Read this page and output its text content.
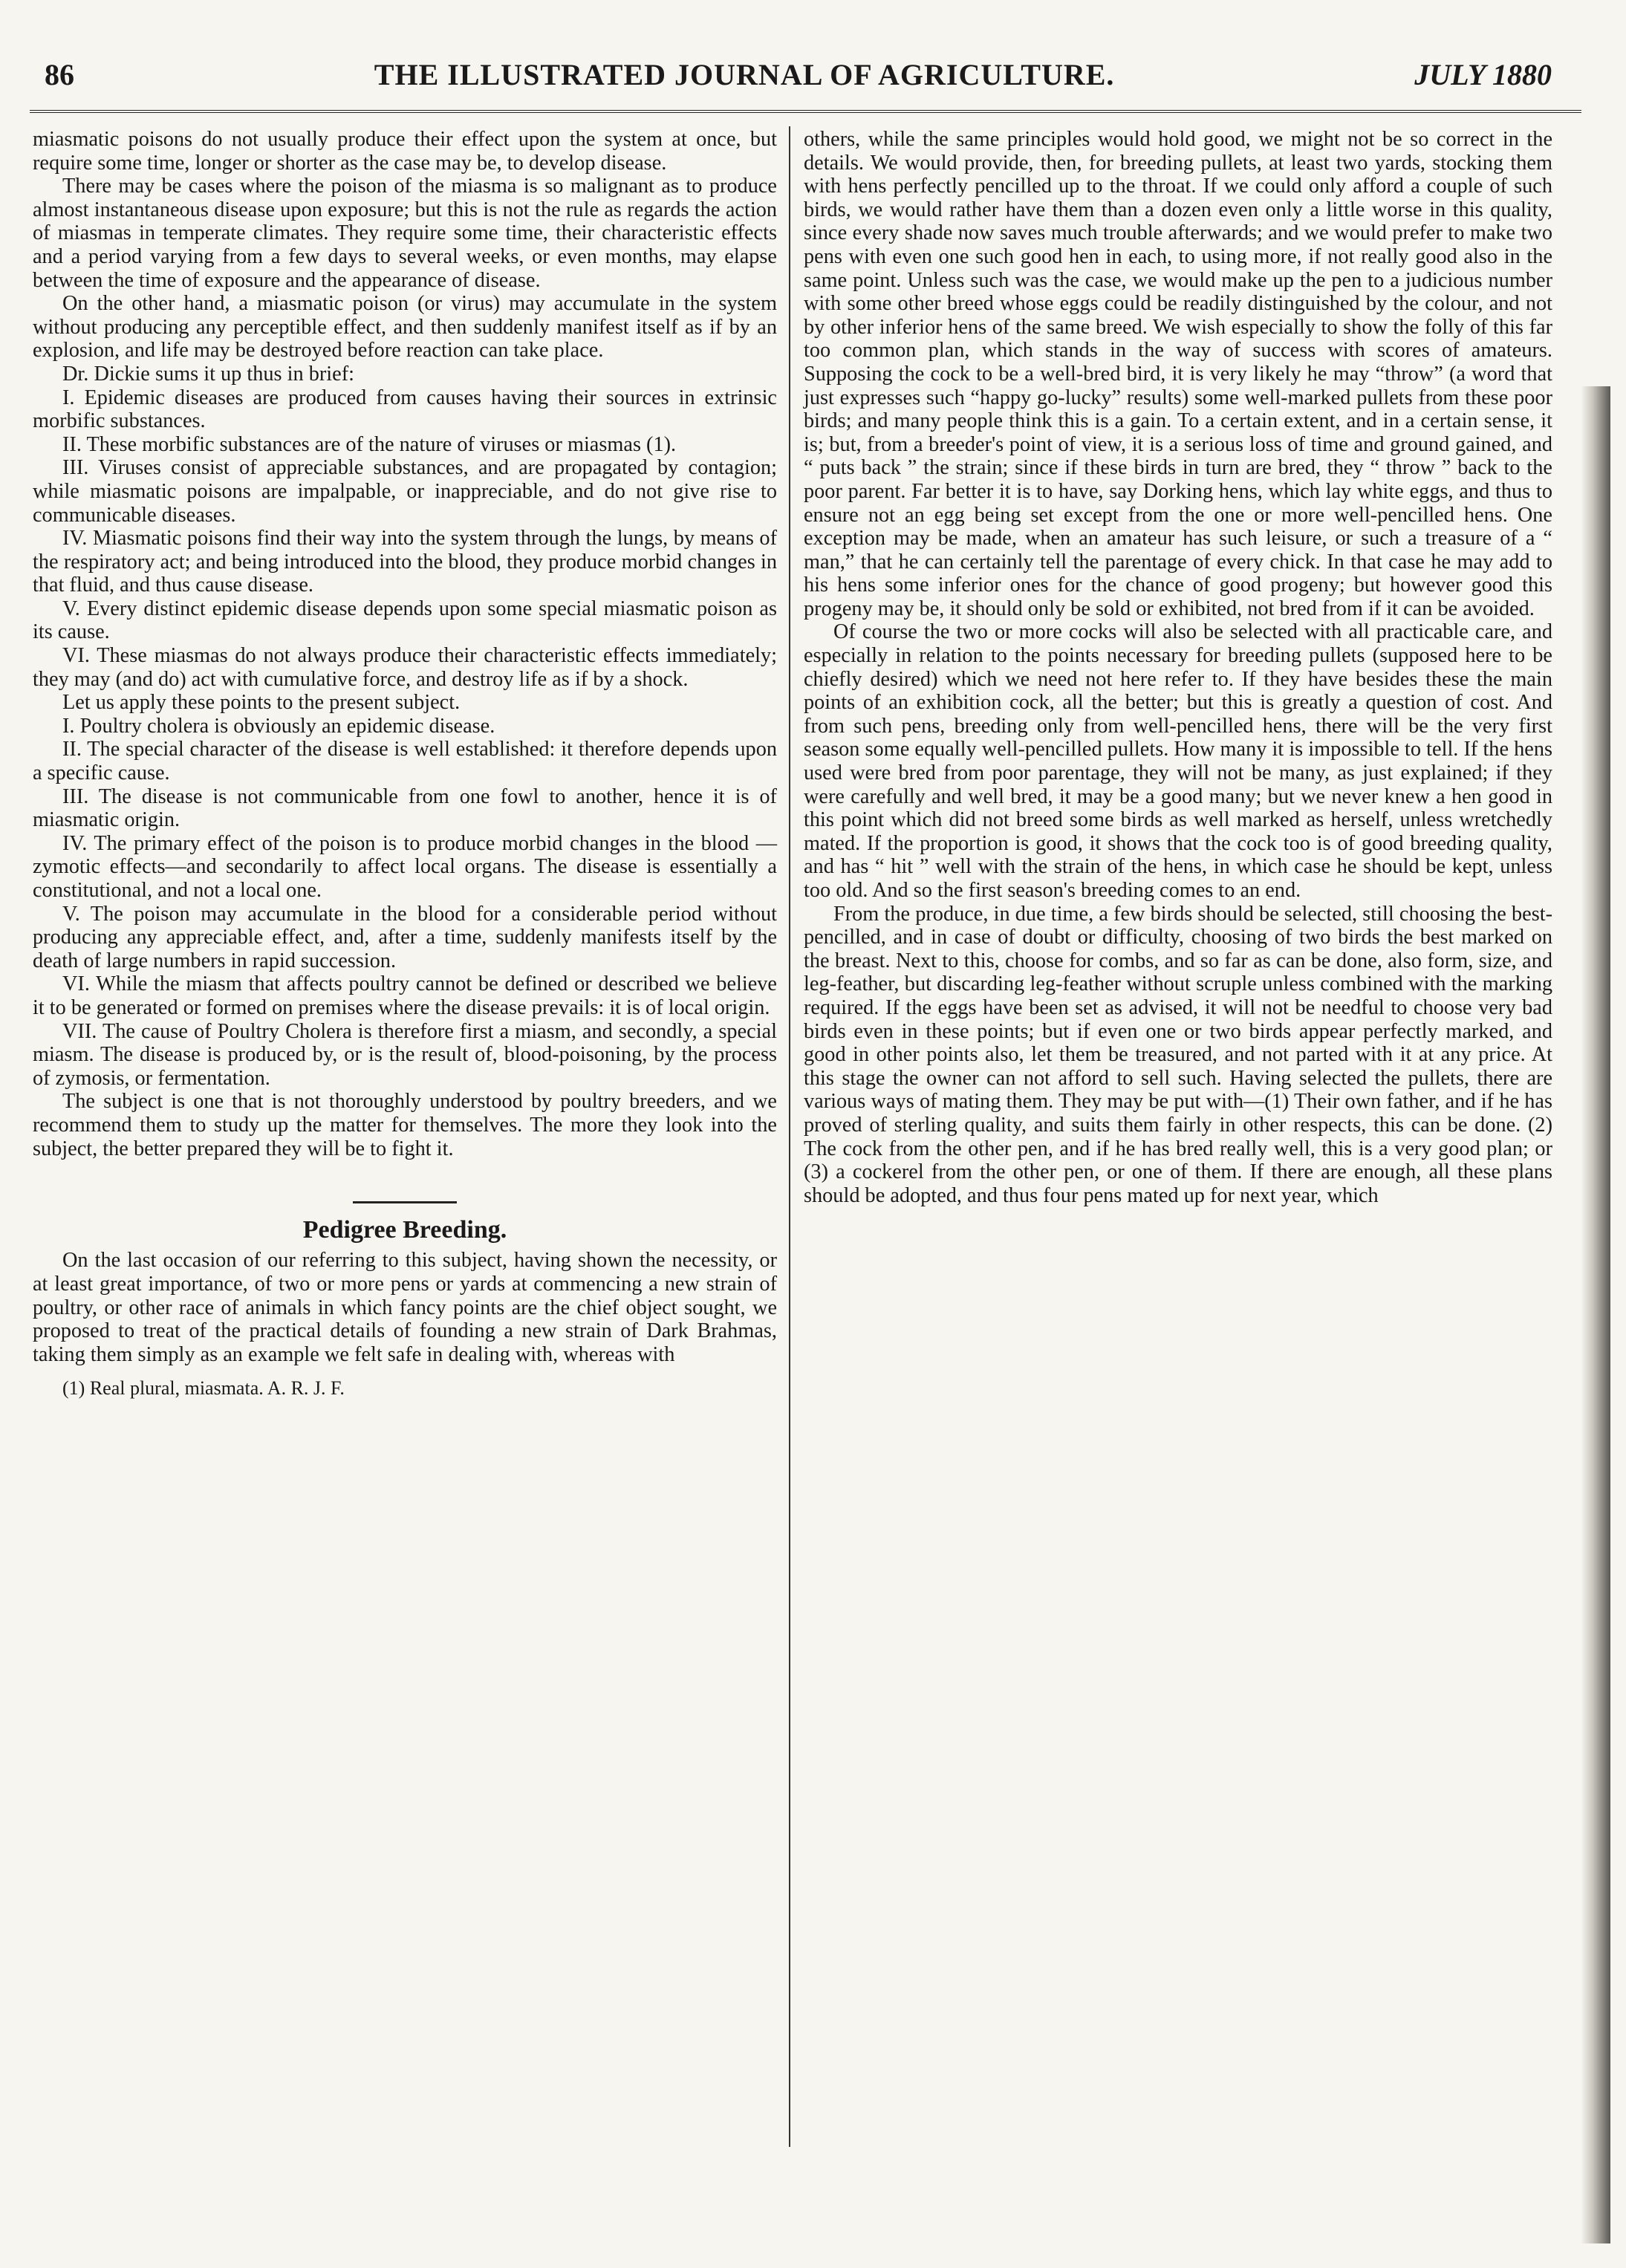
86	THE ILLUSTRATED JOURNAL OF AGRICULTURE.	JULY 1880

miasmatic poisons do not usually produce their effect upon the system at once, but require some time, longer or shorter as the case may be, to develop disease.

There may be cases where the poison of the miasma is so malignant as to produce almost instantaneous disease upon exposure; but this is not the rule as regards the action of miasmas in temperate climates. They require some time, their characteristic effects and a period varying from a few days to several weeks, or even months, may elapse between the time of exposure and the appearance of disease.

On the other hand, a miasmatic poison (or virus) may accumulate in the system without producing any perceptible effect, and then suddenly manifest itself as if by an explosion, and life may be destroyed before reaction can take place.

Dr. Dickie sums it up thus in brief:

I. Epidemic diseases are produced from causes having their sources in extrinsic morbific substances.

II. These morbific substances are of the nature of viruses or miasmas (1).

III. Viruses consist of appreciable substances, and are propagated by contagion; while miasmatic poisons are impalpable, or inappreciable, and do not give rise to communicable diseases.

IV. Miasmatic poisons find their way into the system through the lungs, by means of the respiratory act; and being introduced into the blood, they produce morbid changes in that fluid, and thus cause disease.

V. Every distinct epidemic disease depends upon some special miasmatic poison as its cause.

VI. These miasmas do not always produce their characteristic effects immediately; they may (and do) act with cumulative force, and destroy life as if by a shock.

Let us apply these points to the present subject.

I. Poultry cholera is obviously an epidemic disease.

II. The special character of the disease is well established: it therefore depends upon a specific cause.

III. The disease is not communicable from one fowl to another, hence it is of miasmatic origin.

IV. The primary effect of the poison is to produce morbid changes in the blood — zymotic effects—and secondarily to affect local organs. The disease is essentially a constitutional, and not a local one.

V. The poison may accumulate in the blood for a considerable period without producing any appreciable effect, and, after a time, suddenly manifests itself by the death of large numbers in rapid succession.

VI. While the miasm that affects poultry cannot be defined or described we believe it to be generated or formed on premises where the disease prevails: it is of local origin.

VII. The cause of Poultry Cholera is therefore first a miasm, and secondly, a special miasm. The disease is produced by, or is the result of, blood-poisoning, by the process of zymosis, or fermentation.

The subject is one that is not thoroughly understood by poultry breeders, and we recommend them to study up the matter for themselves. The more they look into the subject, the better prepared they will be to fight it.

Pedigree Breeding.

On the last occasion of our referring to this subject, having shown the necessity, or at least great importance, of two or more pens or yards at commencing a new strain of poultry, or other race of animals in which fancy points are the chief object sought, we proposed to treat of the practical details of founding a new strain of Dark Brahmas, taking them simply as an example we felt safe in dealing with, whereas with

(1) Real plural, miasmata. A. R. J. F.

others, while the same principles would hold good, we might not be so correct in the details. We would provide, then, for breeding pullets, at least two yards, stocking them with hens perfectly pencilled up to the throat. If we could only afford a couple of such birds, we would rather have them than a dozen even only a little worse in this quality, since every shade now saves much trouble afterwards; and we would prefer to make two pens with even one such good hen in each, to using more, if not really good also in the same point. Unless such was the case, we would make up the pen to a judicious number with some other breed whose eggs could be readily distinguished by the colour, and not by other inferior hens of the same breed. We wish especially to show the folly of this far too common plan, which stands in the way of success with scores of amateurs. Supposing the cock to be a well-bred bird, it is very likely he may “throw” (a word that just expresses such “happy go-lucky” results) some well-marked pullets from these poor birds; and many people think this is a gain. To a certain extent, and in a certain sense, it is; but, from a breeder's point of view, it is a serious loss of time and ground gained, and “ puts back ” the strain; since if these birds in turn are bred, they “ throw ” back to the poor parent. Far better it is to have, say Dorking hens, which lay white eggs, and thus to ensure not an egg being set except from the one or more well-pencilled hens. One exception may be made, when an amateur has such leisure, or such a treasure of a “ man,” that he can certainly tell the parentage of every chick. In that case he may add to his hens some inferior ones for the chance of good progeny; but however good this progeny may be, it should only be sold or exhibited, not bred from if it can be avoided.

Of course the two or more cocks will also be selected with all practicable care, and especially in relation to the points necessary for breeding pullets (supposed here to be chiefly desired) which we need not here refer to. If they have besides these the main points of an exhibition cock, all the better; but this is greatly a question of cost. And from such pens, breeding only from well-pencilled hens, there will be the very first season some equally well-pencilled pullets. How many it is impossible to tell. If the hens used were bred from poor parentage, they will not be many, as just explained; if they were carefully and well bred, it may be a good many; but we never knew a hen good in this point which did not breed some birds as well marked as herself, unless wretchedly mated. If the proportion is good, it shows that the cock too is of good breeding quality, and has “ hit ” well with the strain of the hens, in which case he should be kept, unless too old. And so the first season's breeding comes to an end.

From the produce, in due time, a few birds should be selected, still choosing the best-pencilled, and in case of doubt or difficulty, choosing of two birds the best marked on the breast. Next to this, choose for combs, and so far as can be done, also form, size, and leg-feather, but discarding leg-feather without scruple unless combined with the marking required. If the eggs have been set as advised, it will not be needful to choose very bad birds even in these points; but if even one or two birds appear perfectly marked, and good in other points also, let them be treasured, and not parted with it at any price. At this stage the owner can not afford to sell such. Having selected the pullets, there are various ways of mating them. They may be put with—(1) Their own father, and if he has proved of sterling quality, and suits them fairly in other respects, this can be done. (2) The cock from the other pen, and if he has bred really well, this is a very good plan; or (3) a cockerel from the other pen, or one of them. If there are enough, all these plans should be adopted, and thus four pens mated up for next year, which
